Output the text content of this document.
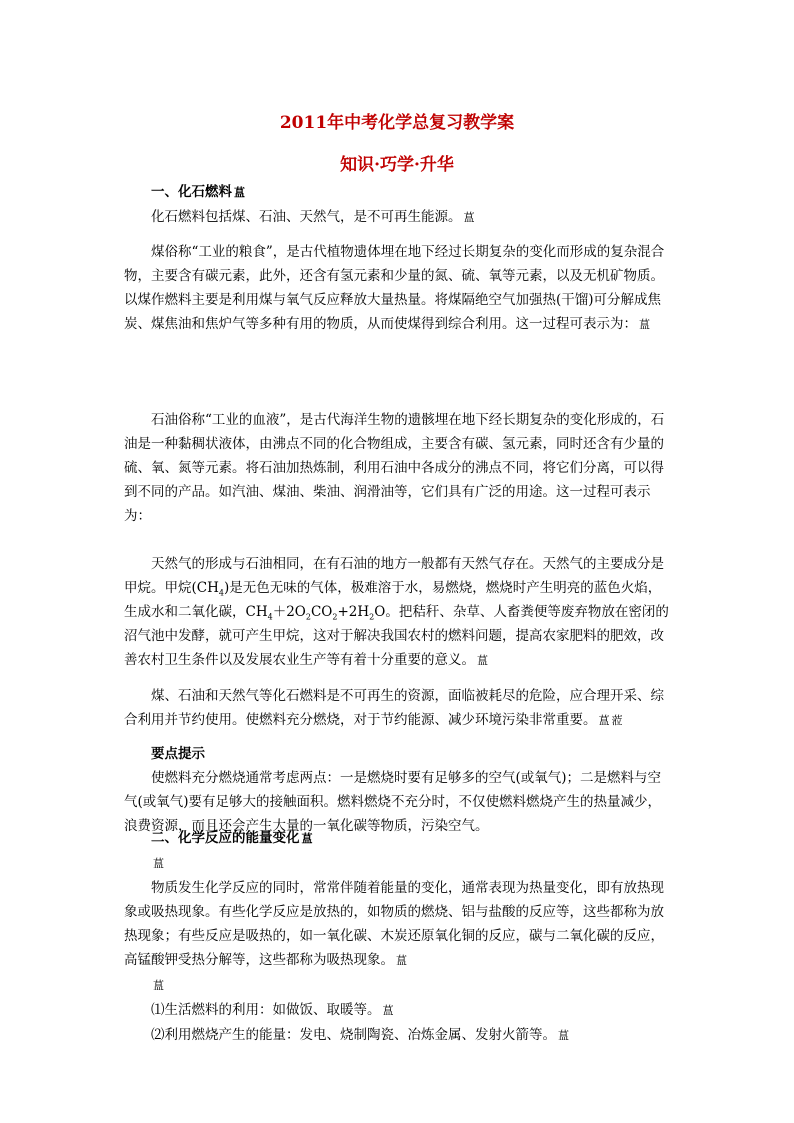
2011年中考化学总复习教学案
知识·巧学·升华

一、化石燃料 蒀

化石燃料包括煤、石油、天然气，是不可再生能源。 蒀

煤俗称“工业的粮食”，是古代植物遗体埋在地下经过长期复杂的变化而形成的复杂混合物，主要含有碳元素，此外，还含有氢元素和少量的氮、硫、氧等元素，以及无机矿物质。以煤作燃料主要是利用煤与氧气反应释放大量热量。将煤隔绝空气加强热(干馏)可分解成焦炭、煤焦油和焦炉气等多种有用的物质，从而使煤得到综合利用。这一过程可表示为： 蒀

石油俗称“工业的血液”，是古代海洋生物的遗骸埋在地下经长期复杂的变化形成的，石油是一种黏稠状液体，由沸点不同的化合物组成，主要含有碳、氢元素，同时还含有少量的硫、氧、氮等元素。将石油加热炼制，利用石油中各成分的沸点不同，将它们分离，可以得到不同的产品。如汽油、煤油、柴油、润滑油等，它们具有广泛的用途。这一过程可表示为：

天然气的形成与石油相同，在有石油的地方一般都有天然气存在。天然气的主要成分是甲烷。甲烷$(CH_4)$是无色无味的气体，极难溶于水，易燃烧，燃烧时产生明亮的蓝色火焰，生成水和二氧化碳，$CH_4+2O_2CO_2+2H_2O$。把秸秆、杂草、人畜粪便等废弃物放在密闭的沼气池中发酵，就可产生甲烷，这对于解决我国农村的燃料问题，提高农家肥料的肥效，改善农村卫生条件以及发展农业生产等有着十分重要的意义。 蒀

煤、石油和天然气等化石燃料是不可再生的资源，面临被耗尽的危险，应合理开采、综合利用并节约使用。使燃料充分燃烧，对于节约能源、减少环境污染非常重要。 蒀 蒞

要点提示

使燃料充分燃烧通常考虑两点：一是燃烧时要有足够多的空气(或氧气)；二是燃料与空气(或氧气)要有足够大的接触面积。燃料燃烧不充分时，不仅使燃料燃烧产生的热量减少，浪费资源，而且还会产生大量的一氧化碳等物质，污染空气。

二、化学反应的能量变化 蒀

蒀

物质发生化学反应的同时，常常伴随着能量的变化，通常表现为热量变化，即有放热现象或吸热现象。有些化学反应是放热的，如物质的燃烧、铝与盐酸的反应等，这些都称为放热现象；有些反应是吸热的，如一氧化碳、木炭还原氧化铜的反应，碳与二氧化碳的反应，高锰酸钾受热分解等，这些都称为吸热现象。 蒀

蒀

⑴生活燃料的利用：如做饭、取暖等。 蒀

⑵利用燃烧产生的能量：发电、烧制陶瓷、冶炼金属、发射火箭等。 蒀
